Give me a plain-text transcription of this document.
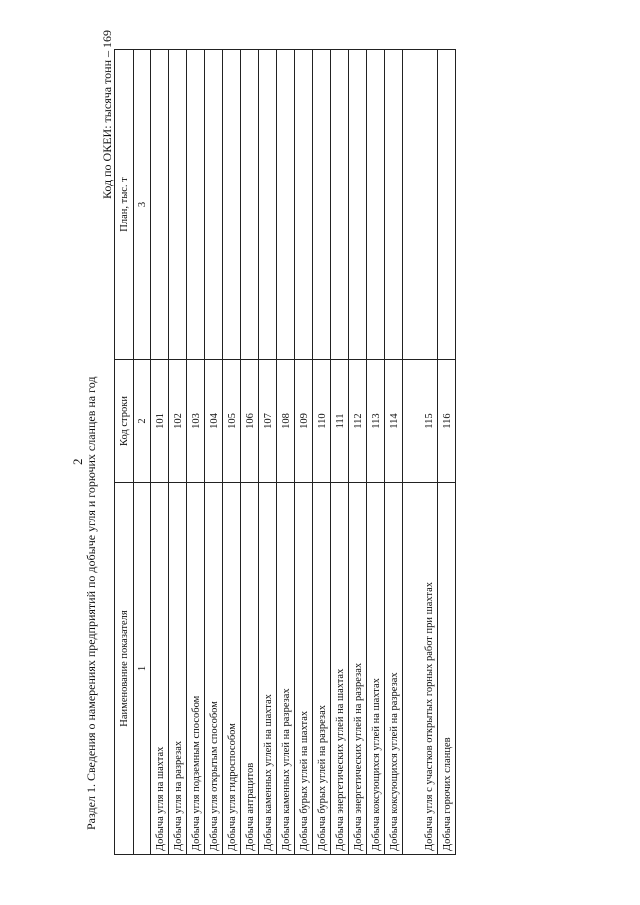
2 Раздел 1. Сведения о намерениях предприятий по добыче угля и горючих сланцев на год
Код по ОКЕИ: тысяча тонн – 169
Наименование показателя	Код строки	План, тыс. т
1	2	3
Добыча угля на шахтах	101	
Добыча угля на разрезах	102	
Добыча угля подземным способом	103	
Добыча угля открытым способом	104	
Добыча угля гидроспособом	105	
Добыча антрацитов	106	
Добыча каменных углей на шахтах	107	
Добыча каменных углей на разрезах	108	
Добыча бурых углей на шахтах	109	
Добыча бурых углей на разрезах	110	
Добыча энергетических углей на шахтах	111	
Добыча энергетических углей на разрезах	112	
Добыча коксующихся углей на шахтах	113	
Добыча коксующихся углей на разрезах	114	
Добыча угля с участков открытых горных работ при шахтах	115	
Добыча горючих сланцев	116	
